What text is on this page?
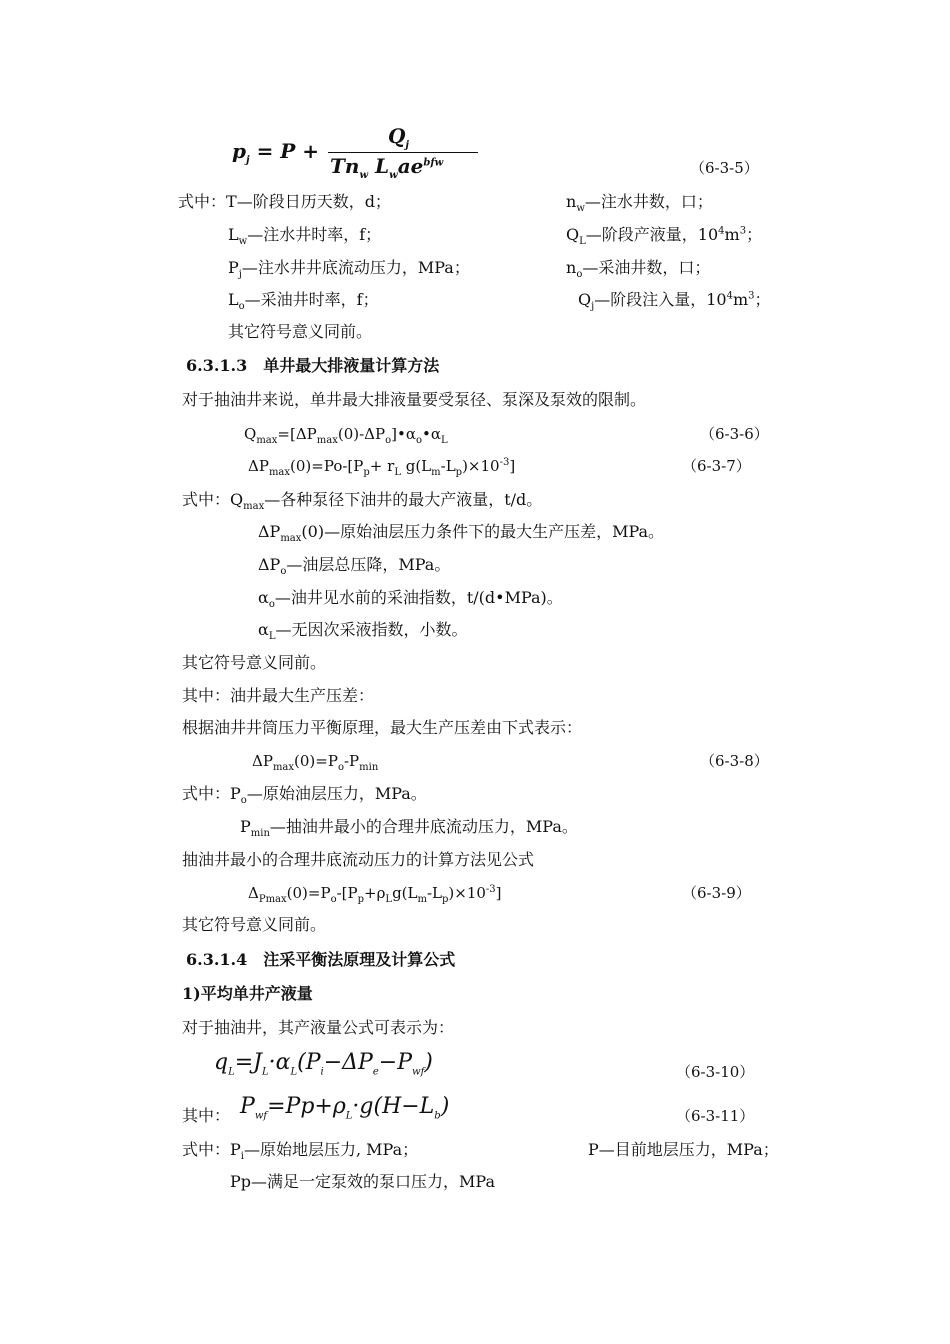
$p_j = P$ +
$Q_j$
$Tn_w$ $L_wae^{bfw}$	（6-3-5）
式中：T—阶段日历天数，d；	$n_w—$注水井数，口；
$L_w—$注水井时率，f；	$Q_L—$阶段产液量，$10^4m^3$；
$P_j—$注水井井底流动压力，MPa；	$n_o—$采油井数，口；
$L_o—$采油井时率，f；	$Q_j—$阶段注入量，$10^4m^3$；
其它符号意义同前。
6.3.1.3　单井最大排液量计算方法
对于抽油井来说，单井最大排液量要受泵径、泵深及泵效的限制。
$Q_{max}=[\Delta P_{max}(0)-\Delta P_o]•\alpha_o•\alpha_L$	（6-3-6）
$\Delta P_{max}(0)=Po-[P_p+ r_L$ $g(L_m-L_p)\times 10^{-3}$]	（6-3-7）
式中：$Q_{max}—$各种泵径下油井的最大产液量，t/d。
$\Delta P_{max}(0)—$原始油层压力条件下的最大生产压差，MPa。
$\Delta P_o—$油层总压降，MPa。
$\alpha_o—$油井见水前的采油指数，t/(d•MPa)。
$\alpha_L—$无因次采液指数，小数。
其它符号意义同前。
其中：油井最大生产压差：
根据油井井筒压力平衡原理，最大生产压差由下式表示：
$\Delta P_{max}(0)=P_o-P_{min}$	（6-3-8）
式中：$P_o—$原始油层压力，MPa。
$P_{min}—$抽油井最小的合理井底流动压力，MPa。
抽油井最小的合理井底流动压力的计算方法见公式
$\Delta_{Pmax}(0)=P_o-[P_p+\rho_Lg(L_m-L_p)\times 10^{-3}]$	（6-3-9）
其它符号意义同前。
6.3.1.4　注采平衡法原理及计算公式
1)平均单井产液量
对于抽油井，其产液量公式可表示为：
$q_L=J_L\cdot\alpha_L(P_i-\Delta P_e-P_{wf})$	（6-3-10）
其中： $P_{wf}=Pp+\rho_L\cdot g(H-L_b)$	（6-3-11）
式中：$P_i—$原始地层压力, MPa；	P—目前地层压力，MPa；
Pp—满足一定泵效的泵口压力，MPa
